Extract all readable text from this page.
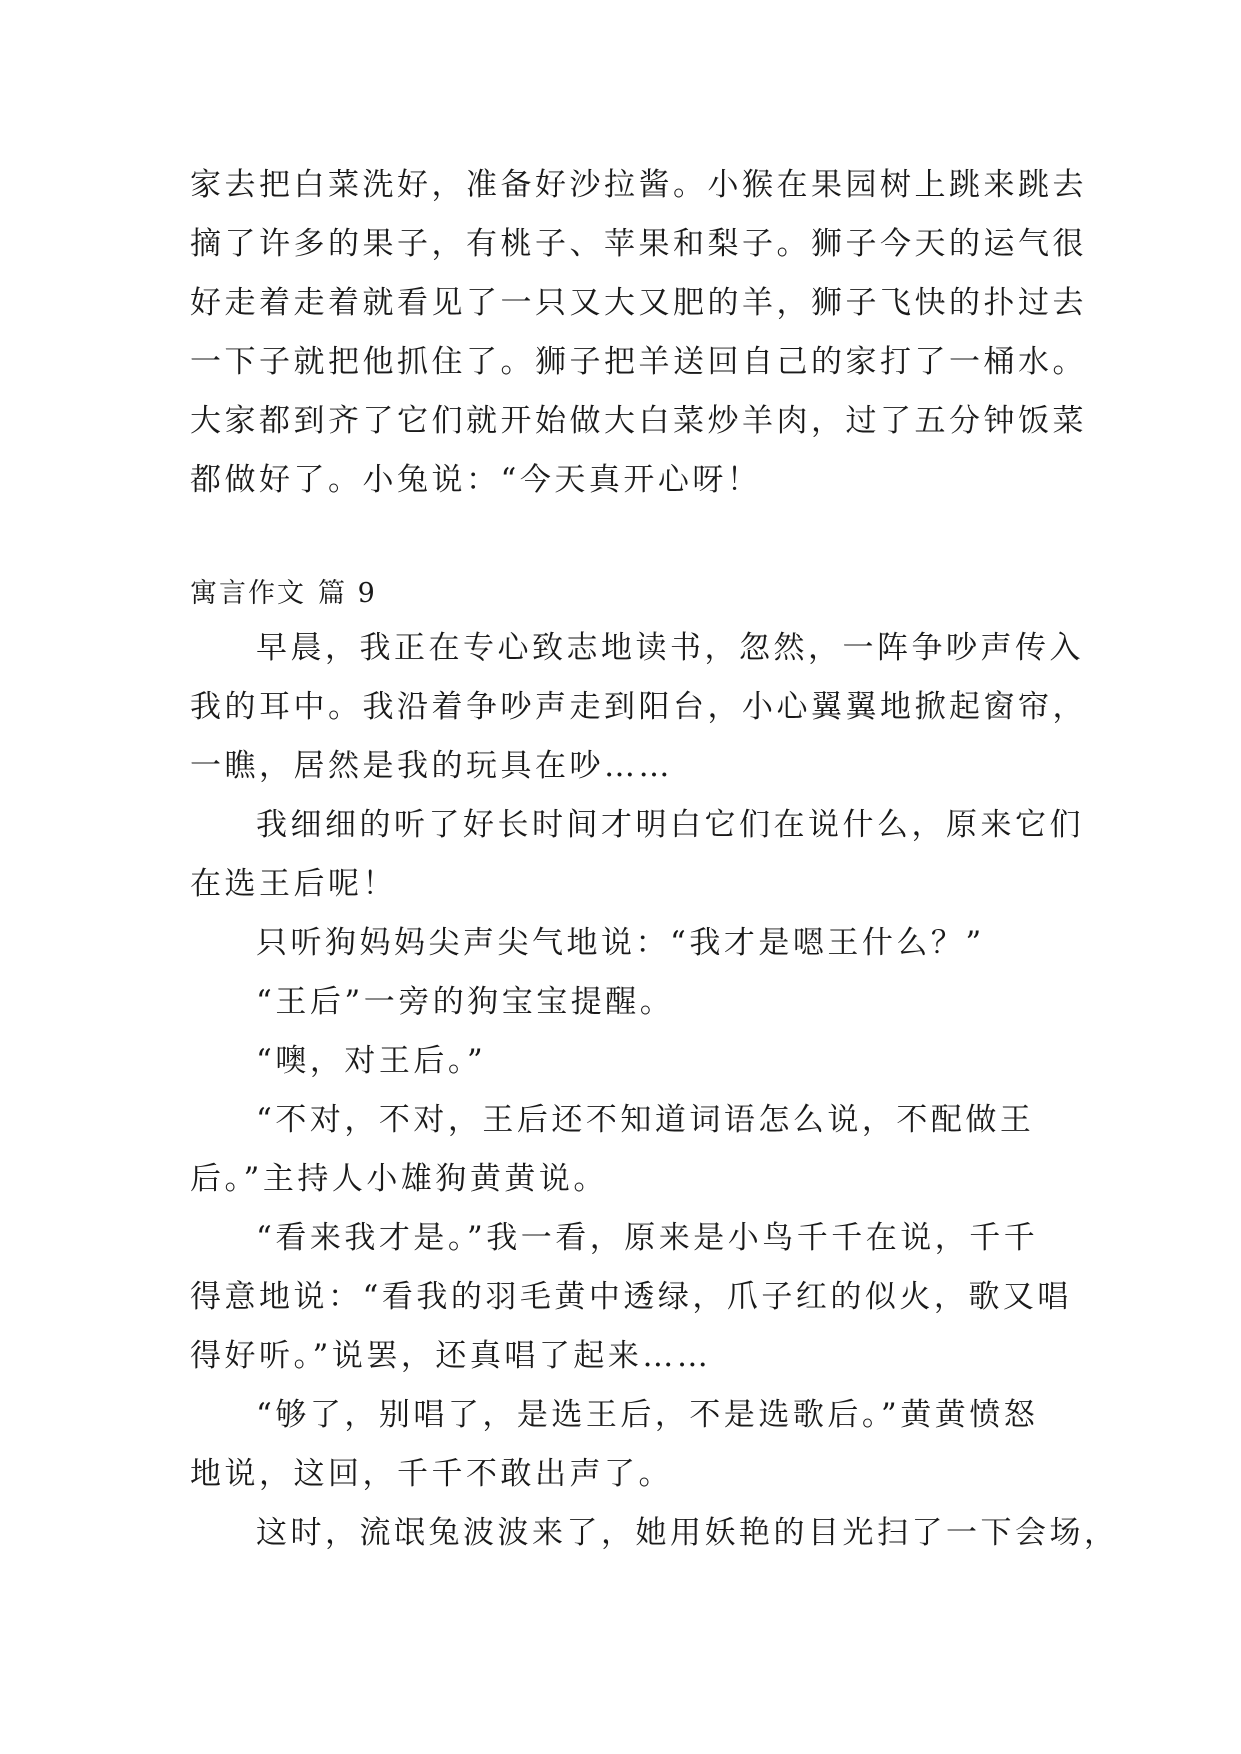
家去把白菜洗好，准备好沙拉酱。小猴在果园树上跳来跳去
摘了许多的果子，有桃子、苹果和梨子。狮子今天的运气很
好走着走着就看见了一只又大又肥的羊，狮子飞快的扑过去
一下子就把他抓住了。狮子把羊送回自己的家打了一桶水。
大家都到齐了它们就开始做大白菜炒羊肉，过了五分钟饭菜
都做好了。小兔说：“今天真开心呀！
寓言作文 篇 9
早晨，我正在专心致志地读书，忽然，一阵争吵声传入
我的耳中。我沿着争吵声走到阳台，小心翼翼地掀起窗帘，
一瞧，居然是我的玩具在吵……
我细细的听了好长时间才明白它们在说什么，原来它们
在选王后呢！
只听狗妈妈尖声尖气地说：“我才是嗯王什么？”
“王后”一旁的狗宝宝提醒。
“噢，对王后。”
“不对，不对，王后还不知道词语怎么说，不配做王
后。”主持人小雄狗黄黄说。
“看来我才是。”我一看，原来是小鸟千千在说，千千
得意地说：“看我的羽毛黄中透绿，爪子红的似火，歌又唱
得好听。”说罢，还真唱了起来……
“够了，别唱了，是选王后，不是选歌后。”黄黄愤怒
地说，这回，千千不敢出声了。
这时，流氓兔波波来了，她用妖艳的目光扫了一下会场，
